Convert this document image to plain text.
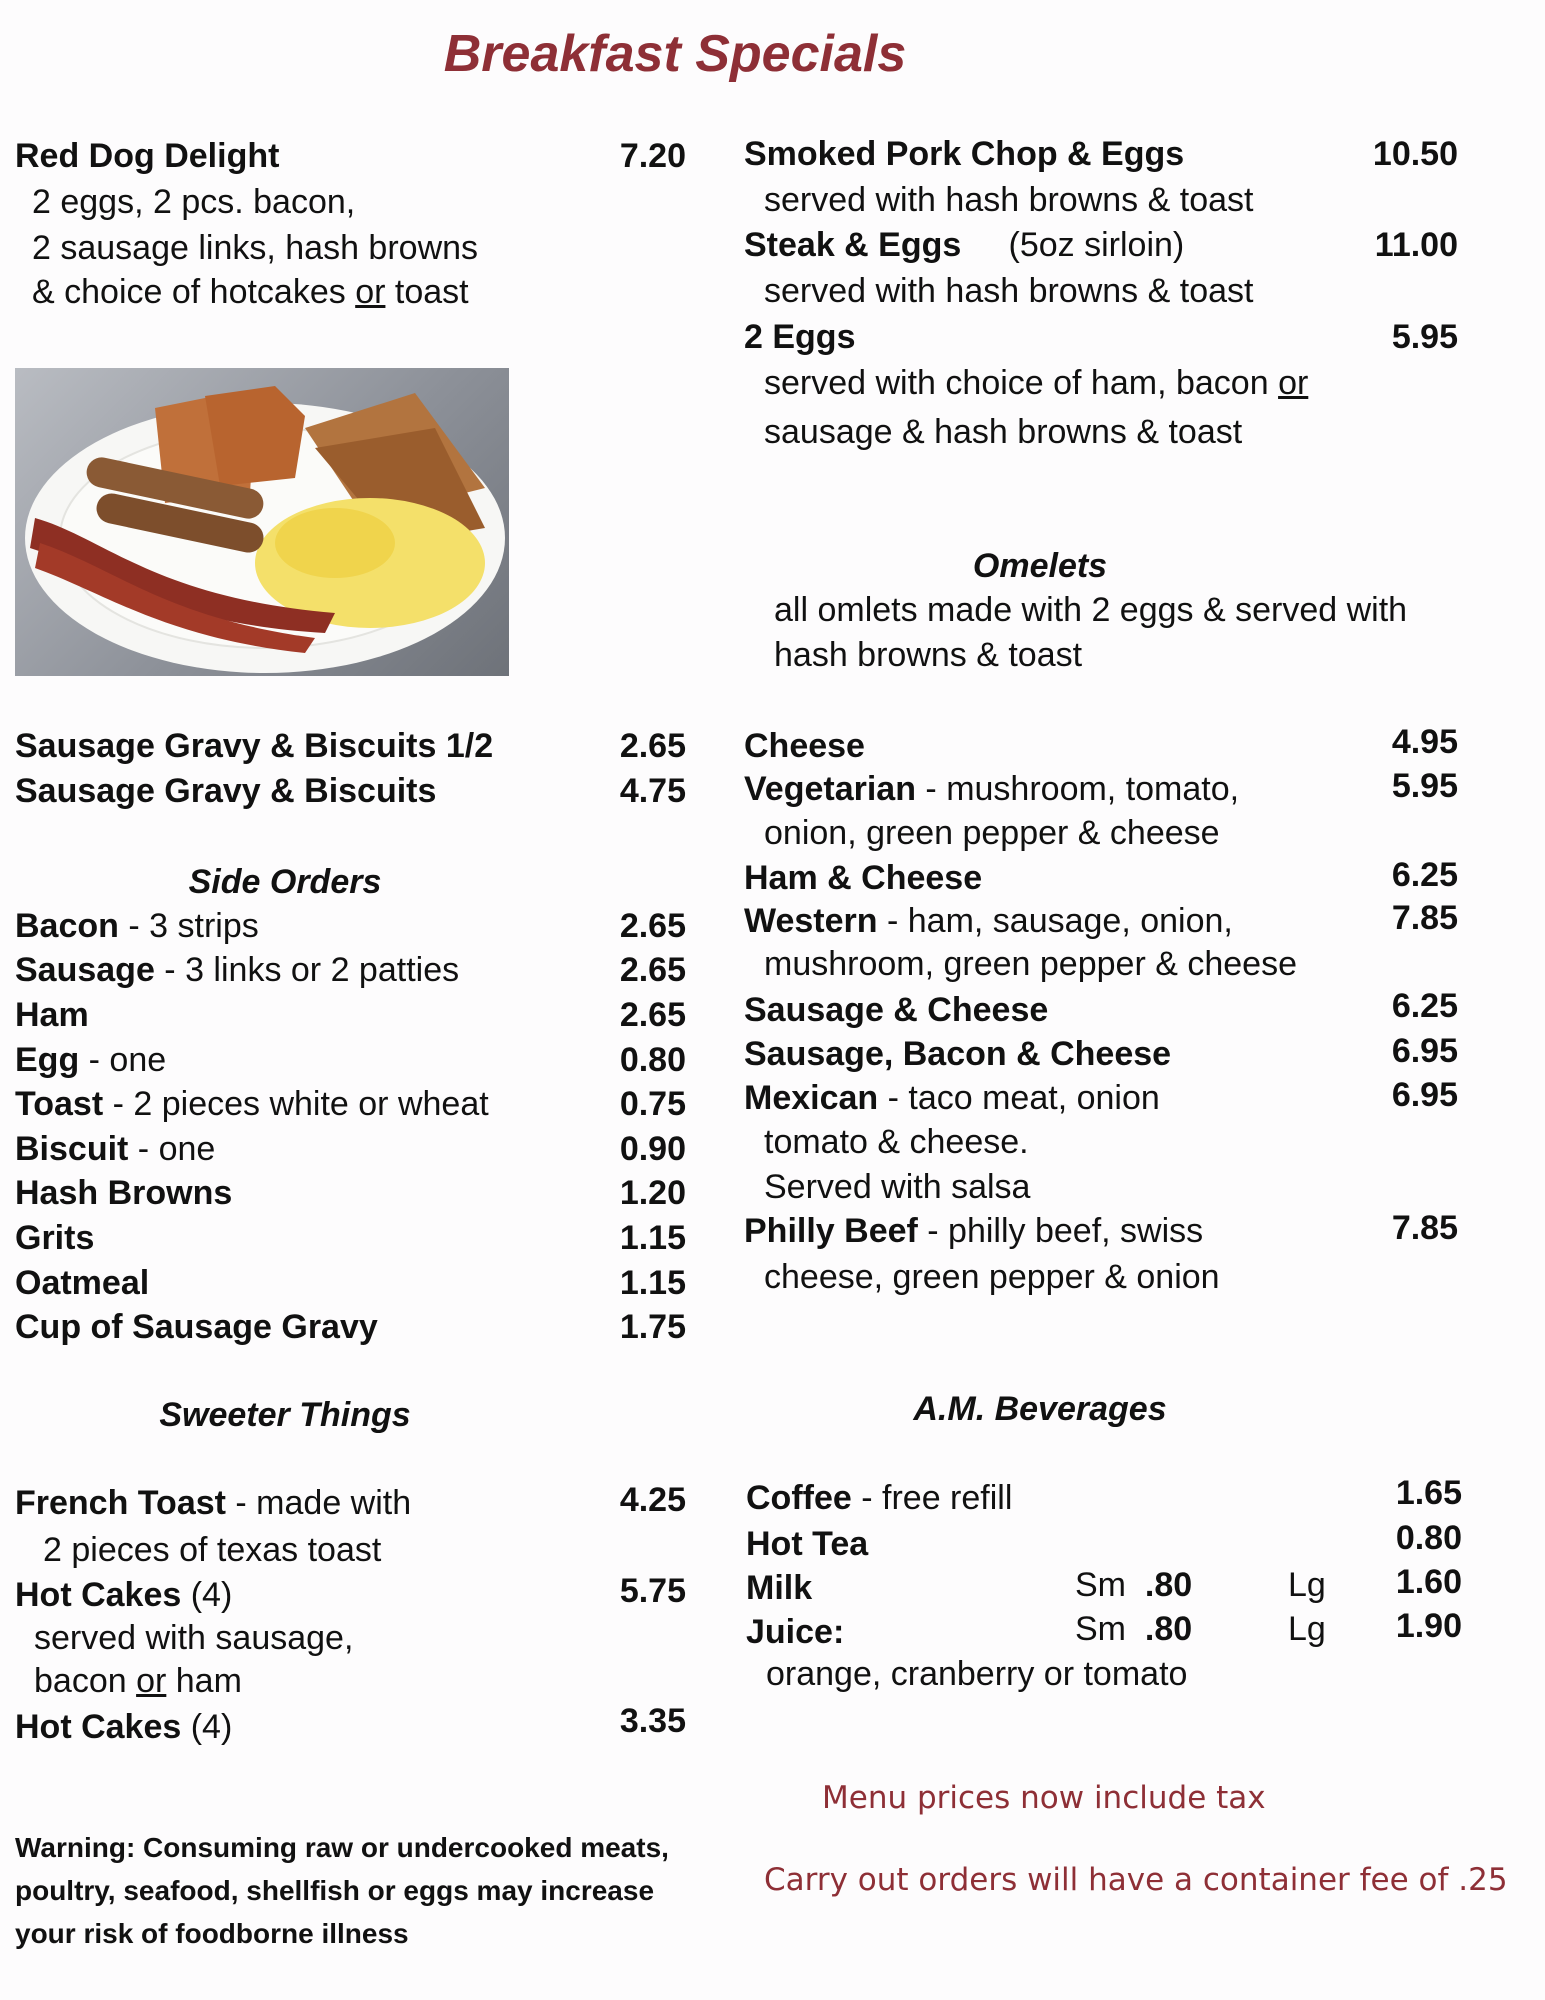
Breakfast Specials
Red Dog Delight	7.20
2 eggs, 2 pcs. bacon,
2 sausage links, hash browns
& choice of hotcakes or toast
Sausage Gravy & Biscuits 1/2	2.65
Sausage Gravy & Biscuits	4.75
Side Orders
Bacon - 3 strips	2.65
Sausage - 3 links or 2 patties	2.65
Ham	2.65
Egg - one	0.80
Toast - 2 pieces white or wheat	0.75
Biscuit - one	0.90
Hash Browns	1.20
Grits	1.15
Oatmeal	1.15
Cup of Sausage Gravy	1.75
Sweeter Things
French Toast - made with	4.25
2 pieces of texas toast
Hot Cakes (4)	5.75
served with sausage,
bacon or ham
Hot Cakes (4)	3.35
Warning: Consuming raw or undercooked meats, poultry, seafood, shellfish or eggs may increase your risk of foodborne illness
Smoked Pork Chop & Eggs	10.50
served with hash browns & toast
Steak & Eggs     (5oz sirloin)	11.00
served with hash browns & toast
2 Eggs	5.95
served with choice of ham, bacon or
sausage & hash browns & toast
Omelets
all omlets made with 2 eggs & served with
hash browns & toast
Cheese	4.95
Vegetarian - mushroom, tomato,	5.95
onion, green pepper & cheese
Ham & Cheese	6.25
Western - ham, sausage, onion,	7.85
mushroom, green pepper & cheese
Sausage & Cheese	6.25
Sausage, Bacon & Cheese	6.95
Mexican - taco meat, onion	6.95
tomato & cheese.
Served with salsa
Philly Beef - philly beef, swiss	7.85
cheese, green pepper & onion
A.M. Beverages
Coffee - free refill	1.65
Hot Tea	0.80
Milk	Sm .80	Lg	1.60
Juice:	Sm .80	Lg	1.90
orange, cranberry or tomato
Menu prices now include tax
Carry out orders will have a container fee of .25
